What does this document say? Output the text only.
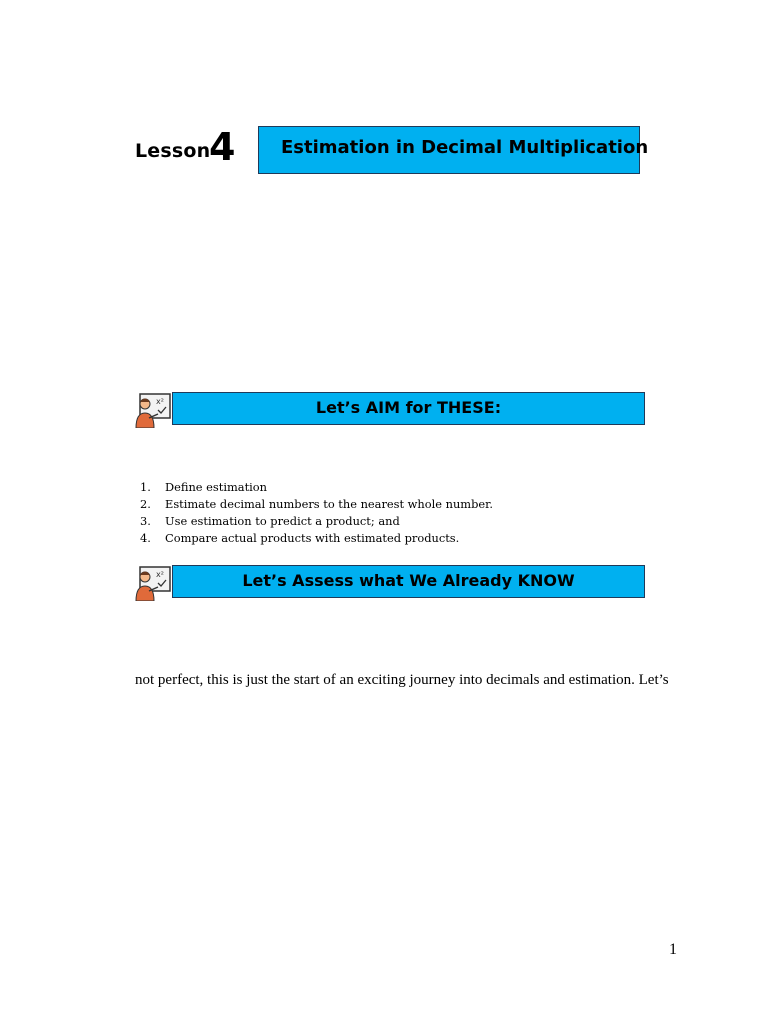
Lesson
4	Estimation in Decimal Multiplication
x²	Let’s AIM for THESE:
1. Define estimation
2. Estimate decimal numbers to the nearest whole number.
3. Use estimation to predict a product; and
4. Compare actual products with estimated products.
x²	Let’s Assess what We Already KNOW
not perfect, this is just the start of an exciting journey into decimals and estimation. Let’s
1
